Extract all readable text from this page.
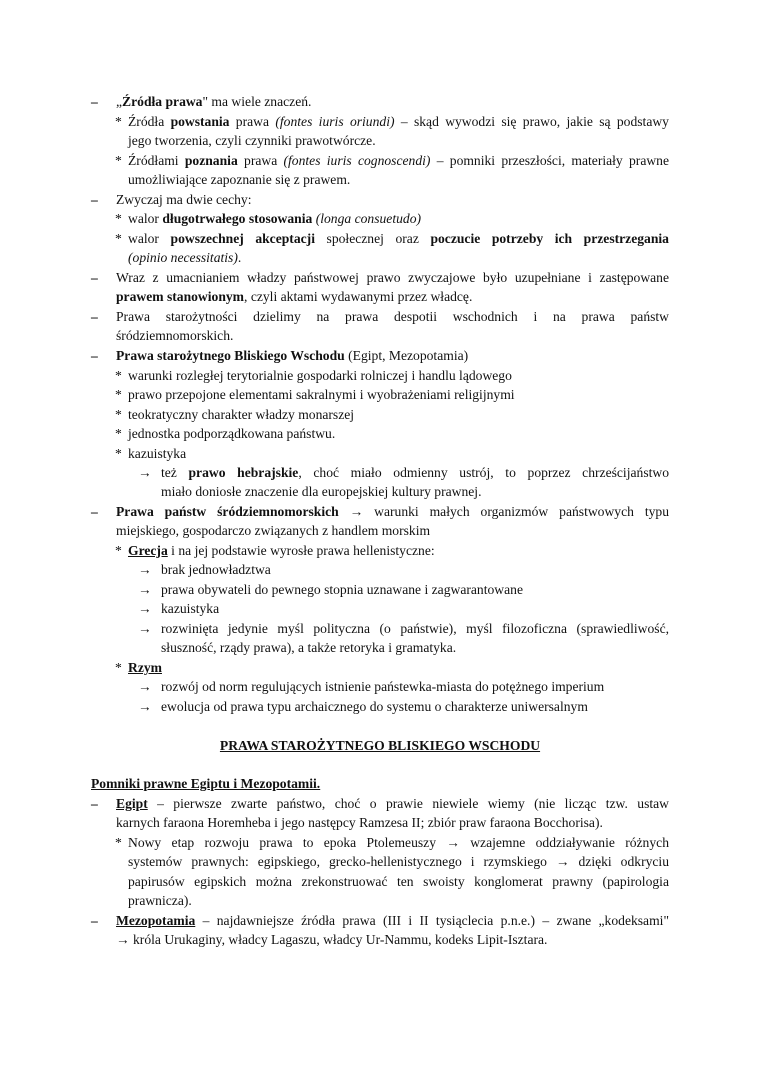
– „Źródła prawa" ma wiele znaczeń.
* Źródła powstania prawa (fontes iuris oriundi) – skąd wywodzi się prawo, jakie są podstawy
jego tworzenia, czyli czynniki prawotwórcze.
* Źródłami poznania prawa (fontes iuris cognoscendi) – pomniki przeszłości, materiały prawne
umożliwiające zapoznanie się z prawem.
– Zwyczaj ma dwie cechy:
* walor długotrwałego stosowania (longa consuetudo)
* walor powszechnej akceptacji społecznej oraz poczucie potrzeby ich przestrzegania
(opinio necessitatis).
– Wraz z umacnianiem władzy państwowej prawo zwyczajowe było uzupełniane i zastępowane
prawem stanowionym, czyli aktami wydawanymi przez władcę.
– Prawa starożytności dzielimy na prawa despotii wschodnich i na prawa państw
śródziemnomorskich.
– Prawa starożytnego Bliskiego Wschodu (Egipt, Mezopotamia)
* warunki rozległej terytorialnie gospodarki rolniczej i handlu lądowego
* prawo przepojone elementami sakralnymi i wyobrażeniami religijnymi
* teokratyczny charakter władzy monarszej
* jednostka podporządkowana państwu.
* kazuistyka
→ też prawo hebrajskie, choć miało odmienny ustrój, to poprzez chrześcijaństwo
miało doniosłe znaczenie dla europejskiej kultury prawnej.
– Prawa państw śródziemnomorskich → warunki małych organizmów państwowych typu
miejskiego, gospodarczo związanych z handlem morskim
* Grecja i na jej podstawie wyrosłe prawa hellenistyczne:
→ brak jednowładztwa
→ prawa obywateli do pewnego stopnia uznawane i zagwarantowane
→ kazuistyka
→ rozwinięta jedynie myśl polityczna (o państwie), myśl filozoficzna (sprawiedliwość,
słuszność, rządy prawa), a także retoryka i gramatyka.
* Rzym
→ rozwój od norm regulujących istnienie państewka-miasta do potężnego imperium
→ ewolucja od prawa typu archaicznego do systemu o charakterze uniwersalnym
PRAWA STAROŻYTNEGO BLISKIEGO WSCHODU
Pomniki prawne Egiptu i Mezopotamii.
– Egipt – pierwsze zwarte państwo, choć o prawie niewiele wiemy (nie licząc tzw. ustaw
karnych faraona Horemheba i jego następcy Ramzesa II; zbiór praw faraona Bocchorisa).
* Nowy etap rozwoju prawa to epoka Ptolemeuszy → wzajemne oddziaływanie różnych
systemów prawnych: egipskiego, grecko-hellenistycznego i rzymskiego → dzięki odkryciu
papirusów egipskich można zrekonstruować ten swoisty konglomerat prawny (papirologia
prawnicza).
– Mezopotamia – najdawniejsze źródła prawa (III i II tysiąclecia p.n.e.) – zwane „kodeksami"
→ króla Urukaginy, władcy Lagaszu, władcy Ur-Nammu, kodeks Lipit-Isztara.
